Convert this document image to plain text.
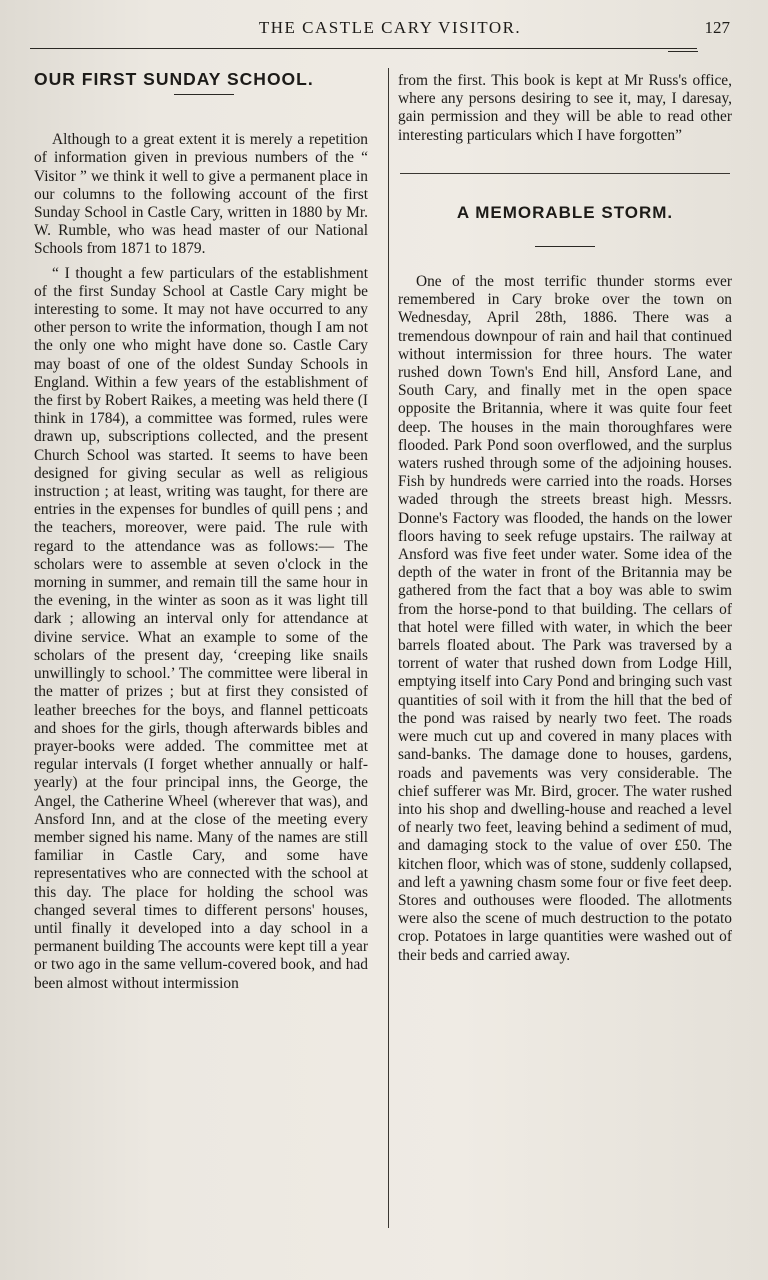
THE CASTLE CARY VISITOR.	127
OUR FIRST SUNDAY SCHOOL.

Although to a great extent it is merely a repetition of information given in previous numbers of the “ Visitor ” we think it well to give a permanent place in our columns to the following account of the first Sunday School in Castle Cary, written in 1880 by Mr. W. Rumble, who was head master of our National Schools from 1871 to 1879.

“ I thought a few particulars of the establishment of the first Sunday School at Castle Cary might be interesting to some. It may not have occurred to any other person to write the information, though I am not the only one who might have done so. Castle Cary may boast of one of the oldest Sunday Schools in England. Within a few years of the establishment of the first by Robert Raikes, a meeting was held there (I think in 1784), a committee was formed, rules were drawn up, subscriptions collected, and the present Church School was started. It seems to have been designed for giving secular as well as religious instruction ; at least, writing was taught, for there are entries in the expenses for bundles of quill pens ; and the teachers, moreover, were paid. The rule with regard to the attendance was as follows:— The scholars were to assemble at seven o'clock in the morning in summer, and remain till the same hour in the evening, in the winter as soon as it was light till dark ; allowing an interval only for attendance at divine service. What an example to some of the scholars of the present day, ‘creeping like snails unwillingly to school.’ The committee were liberal in the matter of prizes ; but at first they consisted of leather breeches for the boys, and flannel petticoats and shoes for the girls, though afterwards bibles and prayer-books were added. The committee met at regular intervals (I forget whether annually or half-yearly) at the four principal inns, the George, the Angel, the Catherine Wheel (wherever that was), and Ansford Inn, and at the close of the meeting every member signed his name. Many of the names are still familiar in Castle Cary, and some have representatives who are connected with the school at this day. The place for holding the school was changed several times to different persons' houses, until finally it developed into a day school in a permanent building The accounts were kept till a year or two ago in the same vellum-covered book, and had been almost without intermission

from the first. This book is kept at Mr Russ's office, where any persons desiring to see it, may, I daresay, gain permission and they will be able to read other interesting particulars which I have forgotten”

A MEMORABLE STORM.

One of the most terrific thunder storms ever remembered in Cary broke over the town on Wednesday, April 28th, 1886. There was a tremendous downpour of rain and hail that continued without intermission for three hours. The water rushed down Town's End hill, Ansford Lane, and South Cary, and finally met in the open space opposite the Britannia, where it was quite four feet deep. The houses in the main thoroughfares were flooded. Park Pond soon overflowed, and the surplus waters rushed through some of the adjoining houses. Fish by hundreds were carried into the roads. Horses waded through the streets breast high. Messrs. Donne's Factory was flooded, the hands on the lower floors having to seek refuge upstairs. The railway at Ansford was five feet under water. Some idea of the depth of the water in front of the Britannia may be gathered from the fact that a boy was able to swim from the horse-pond to that building. The cellars of that hotel were filled with water, in which the beer barrels floated about. The Park was traversed by a torrent of water that rushed down from Lodge Hill, emptying itself into Cary Pond and bringing such vast quantities of soil with it from the hill that the bed of the pond was raised by nearly two feet. The roads were much cut up and covered in many places with sand-banks. The damage done to houses, gardens, roads and pavements was very considerable. The chief sufferer was Mr. Bird, grocer. The water rushed into his shop and dwelling-house and reached a level of nearly two feet, leaving behind a sediment of mud, and damaging stock to the value of over £50. The kitchen floor, which was of stone, suddenly collapsed, and left a yawning chasm some four or five feet deep. Stores and outhouses were flooded. The allotments were also the scene of much destruction to the potato crop. Potatoes in large quantities were washed out of their beds and carried away.
